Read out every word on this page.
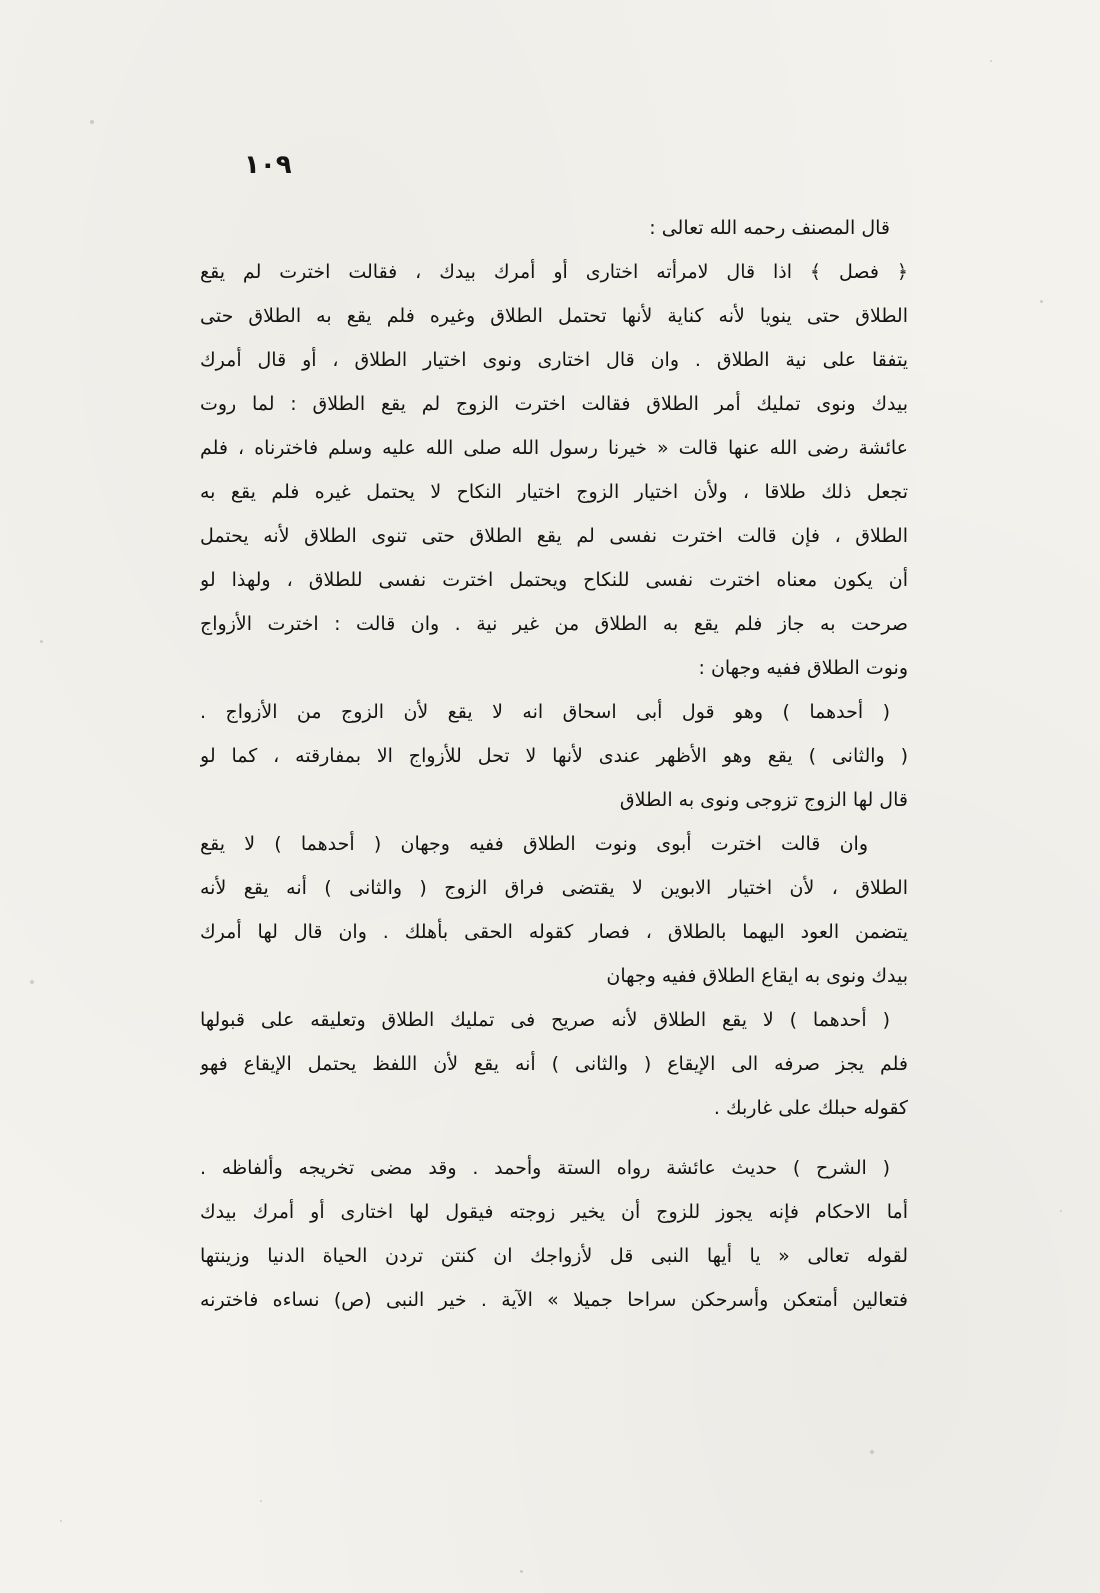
١٠٩
قال المصنف رحمه الله تعالى :
﴿ فصل ﴾ اذا قال لامرأته اختارى أو أمرك بيدك ، فقالت اخترت لم يقع
الطلاق حتى ينويا لأنه كناية لأنها تحتمل الطلاق وغيره فلم يقع به الطلاق حتى
يتفقا على نية الطلاق . وان قال اختارى ونوى اختيار الطلاق ، أو قال أمرك
بيدك ونوى تمليك أمر الطلاق فقالت اخترت الزوج لم يقع الطلاق : لما روت
عائشة رضى الله عنها قالت « خيرنا رسول الله صلى الله عليه وسلم فاخترناه ، فلم
تجعل ذلك طلاقا ، ولأن اختيار الزوج اختيار النكاح لا يحتمل غيره فلم يقع به
الطلاق ، فإن قالت اخترت نفسى لم يقع الطلاق حتى تنوى الطلاق لأنه يحتمل
أن يكون معناه اخترت نفسى للنكاح ويحتمل اخترت نفسى للطلاق ، ولهذا لو
صرحت به جاز فلم يقع به الطلاق من غير نية . وان قالت : اخترت الأزواج
ونوت الطلاق ففيه وجهان :
( أحدهما ) وهو قول أبى اسحاق انه لا يقع لأن الزوج من الأزواج .
( والثانى ) يقع وهو الأظهر عندى لأنها لا تحل للأزواج الا بمفارقته ، كما لو
قال لها الزوج تزوجى ونوى به الطلاق
وان قالت اخترت أبوى ونوت الطلاق ففيه وجهان ( أحدهما ) لا يقع
الطلاق ، لأن اختيار الابوين لا يقتضى فراق الزوج ( والثانى ) أنه يقع لأنه
يتضمن العود اليهما بالطلاق ، فصار كقوله الحقى بأهلك . وان قال لها أمرك
بيدك ونوى به ايقاع الطلاق ففيه وجهان
( أحدهما ) لا يقع الطلاق لأنه صريح فى تمليك الطلاق وتعليقه على قبولها
فلم يجز صرفه الى الإيقاع ( والثانى ) أنه يقع لأن اللفظ يحتمل الإيقاع فهو
كقوله حبلك على غاربك .
( الشرح ) حديث عائشة رواه الستة وأحمد . وقد مضى تخريجه وألفاظه .
أما الاحكام فإنه يجوز للزوج أن يخير زوجته فيقول لها اختارى أو أمرك بيدك
لقوله تعالى « يا أيها النبى قل لأزواجك ان كنتن تردن الحياة الدنيا وزينتها
فتعالين أمتعكن وأسرحكن سراحا جميلا » الآية . خير النبى (ص) نساءه فاخترنه
